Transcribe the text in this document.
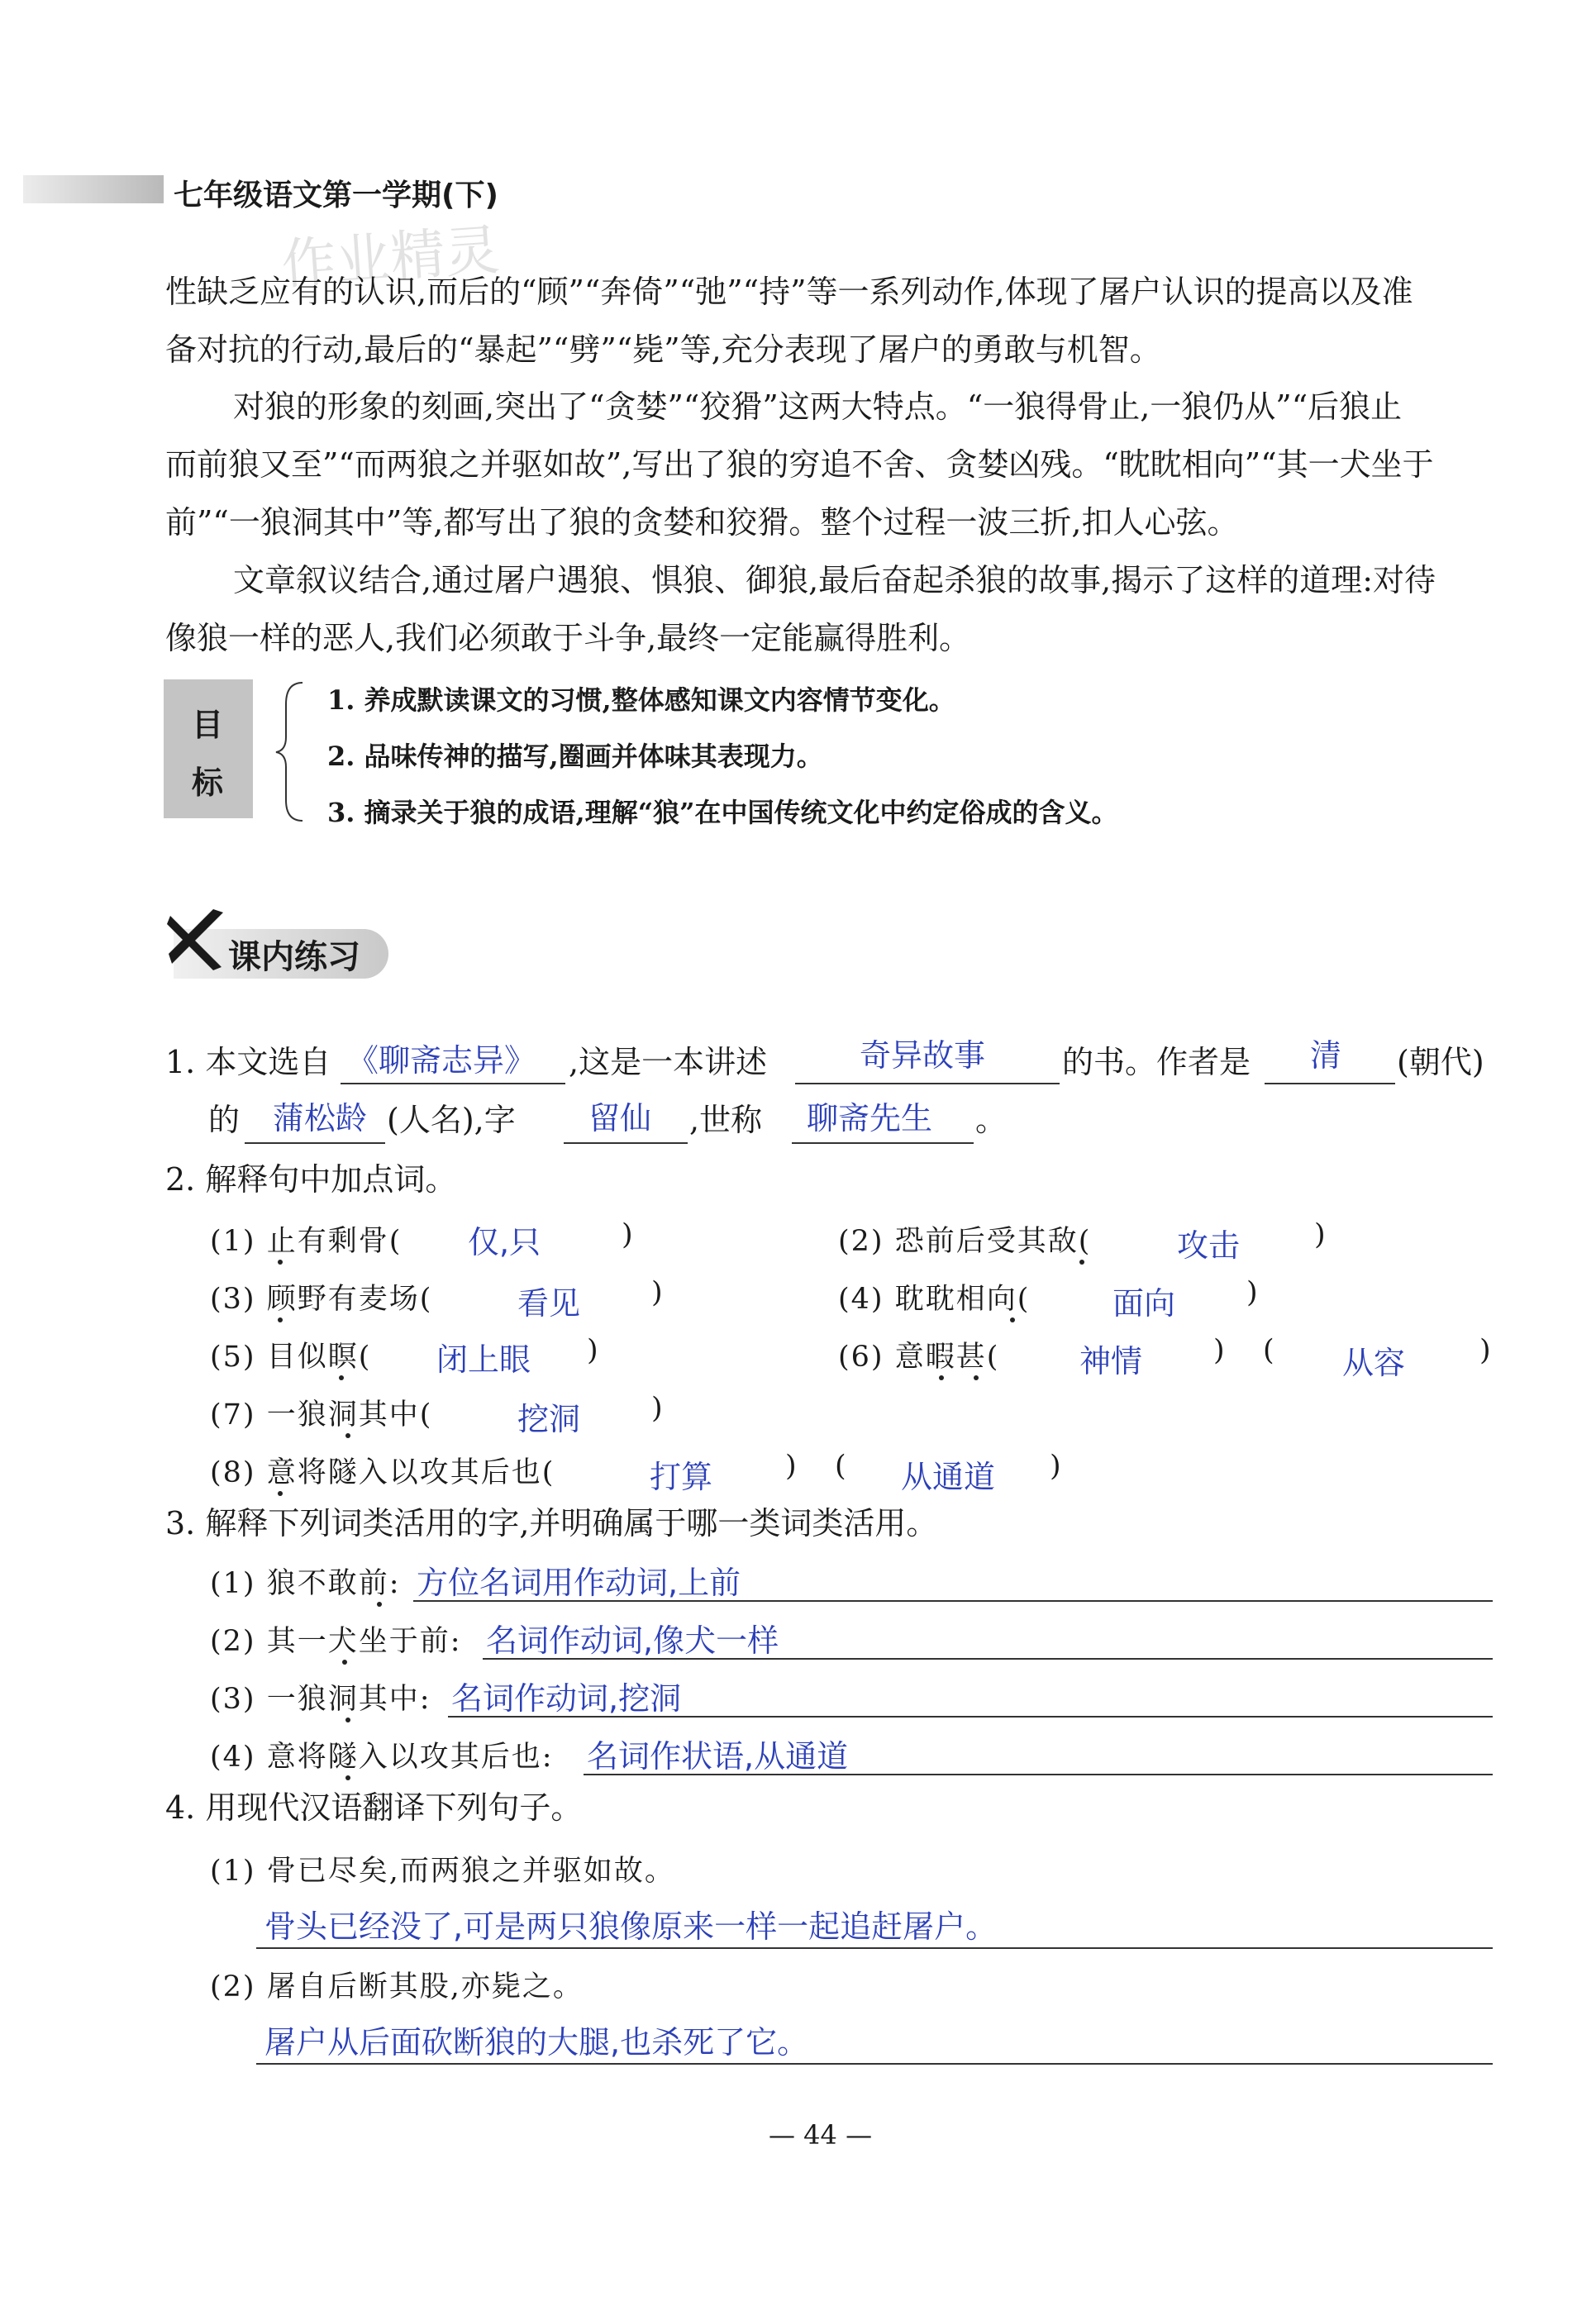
七年级语文第一学期(下)
作业精灵
性缺乏应有的认识,而后的“顾”“奔倚”“弛”“持”等一系列动作,体现了屠户认识的提高以及准
备对抗的行动,最后的“暴起”“劈”“毙”等,充分表现了屠户的勇敢与机智。
对狼的形象的刻画,突出了“贪婪”“狡猾”这两大特点。“一狼得骨止,一狼仍从”“后狼止
而前狼又至”“而两狼之并驱如故”,写出了狼的穷追不舍、贪婪凶残。“眈眈相向”“其一犬坐于
前”“一狼洞其中”等,都写出了狼的贪婪和狡猾。整个过程一波三折,扣人心弦。
文章叙议结合,通过屠户遇狼、惧狼、御狼,最后奋起杀狼的故事,揭示了这样的道理:对待
像狼一样的恶人,我们必须敢于斗争,最终一定能赢得胜利。
目
标
1. 养成默读课文的习惯,整体感知课文内容情节变化。
2. 品味传神的描写,圈画并体味其表现力。
3. 摘录关于狼的成语,理解“狼”在中国传统文化中约定俗成的含义。
课内练习
1. 本文选自 《聊斋志异》 ,这是一本讲述	奇异故事 的书。作者是 清 (朝代)
的 蒲松龄 (人名),字 留仙 ,世称 聊斋先生 。
2. 解释句中加点词。
(1) 止有剩骨( 仅,只	)	(2) 恐前后受其敌(	攻击	)
(3) 顾野有麦场(	看见 )	(4) 耽耽相向(	面向 )
(5) 目似瞑( 闭上眼 )	(6) 意暇甚(	神情 ) ( 从容	)
(7) 一狼洞其中(	挖洞 )
(8) 意将隧入以攻其后也(	打算	) ( 从通道 )
3. 解释下列词类活用的字,并明确属于哪一类词类活用。
(1) 狼不敢前: 方位名词用作动词,上前
(2) 其一犬坐于前: 名词作动词,像犬一样
(3) 一狼洞其中: 名词作动词,挖洞
(4) 意将隧入以攻其后也: 名词作状语,从通道
4. 用现代汉语翻译下列句子。
(1) 骨已尽矣,而两狼之并驱如故。
骨头已经没了,可是两只狼像原来一样一起追赶屠户。
(2) 屠自后断其股,亦毙之。
屠户从后面砍断狼的大腿,也杀死了它。
— 44 —
